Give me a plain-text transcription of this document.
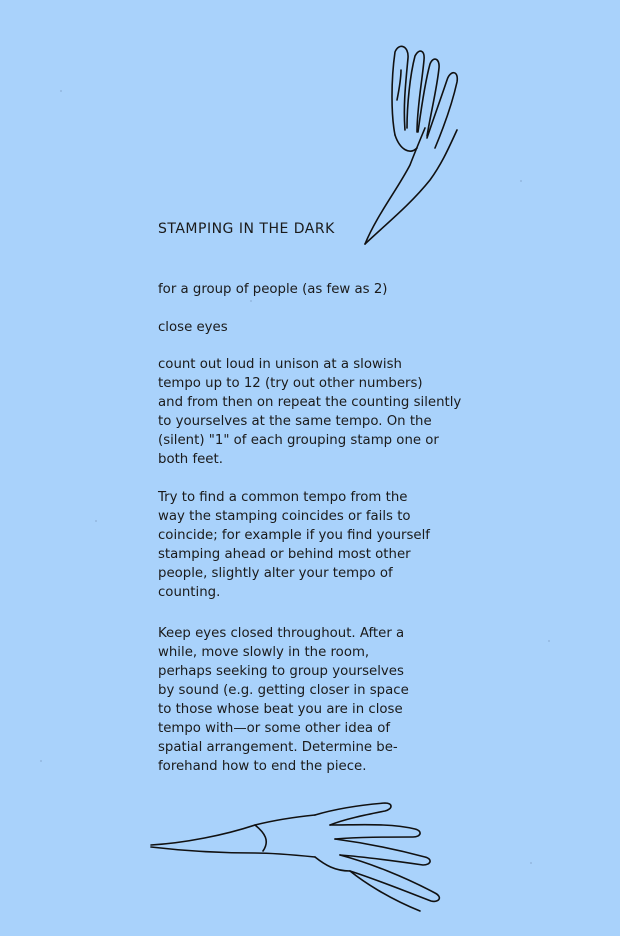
STAMPING IN THE DARK

for a group of people (as few as 2)

close eyes

count out loud in unison at a slowish
tempo up to 12 (try out other numbers)
and from then on repeat the counting silently
to yourselves at the same tempo. On the
(silent) "1" of each grouping stamp one or
both feet.

Try to find a common tempo from the
way the stamping coincides or fails to
coincide; for example if you find yourself
stamping ahead or behind most other
people, slightly alter your tempo of
counting.

Keep eyes closed throughout. After a
while, move slowly in the room,
perhaps seeking to group yourselves
by sound (e.g. getting closer in space
to those whose beat you are in close
tempo with—or some other idea of
spatial arrangement. Determine be-
forehand how to end the piece.
